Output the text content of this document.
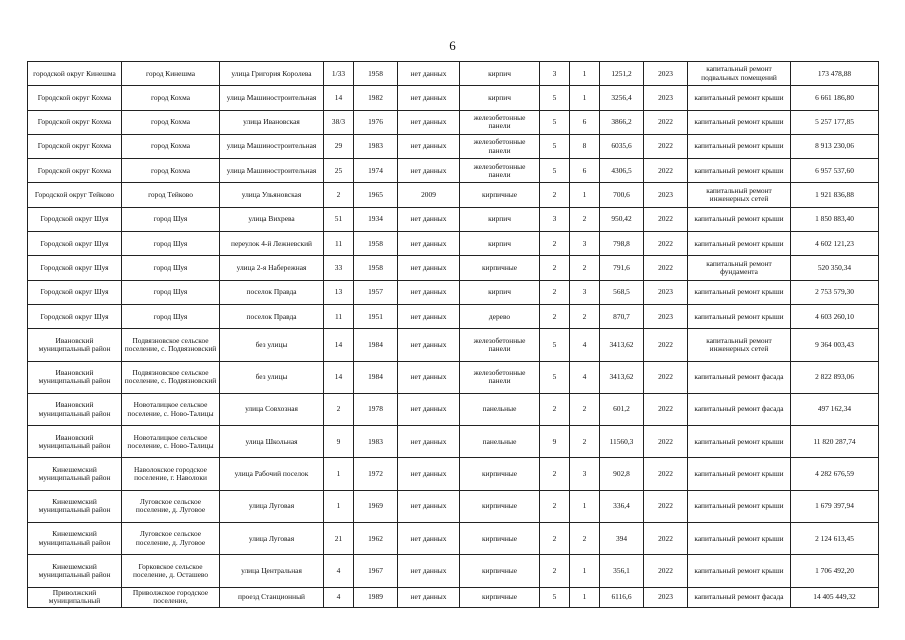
6
городской округ Кинешма	город Кинешма	улица Григория Королева	1/33	1958	нет данных	кирпич	3	1	1251,2	2023	капитальный ремонт подвальных помещений	173 478,88
Городской округ Кохма	город Кохма	улица Машиностроительная	14	1982	нет данных	кирпич	5	1	3256,4	2023	капитальный ремонт крыши	6 661 186,80
Городской округ Кохма	город Кохма	улица Ивановская	38/3	1976	нет данных	железобетонные панели	5	6	3866,2	2022	капитальный ремонт крыши	5 257 177,85
Городской округ Кохма	город Кохма	улица Машиностроительная	29	1983	нет данных	железобетонные панели	5	8	6035,6	2022	капитальный ремонт крыши	8 913 230,06
Городской округ Кохма	город Кохма	улица Машиностроительная	25	1974	нет данных	железобетонные панели	5	6	4306,5	2022	капитальный ремонт крыши	6 957 537,60
Городской округ Тейково	город Тейково	улица Ульяновская	2	1965	2009	кирпичные	2	1	700,6	2023	капитальный ремонт инженерных сетей	1 921 836,88
Городской округ Шуя	город Шуя	улица Вихрева	51	1934	нет данных	кирпич	3	2	950,42	2022	капитальный ремонт крыши	1 850 883,40
Городской округ Шуя	город Шуя	переулок 4-й Лежневский	11	1958	нет данных	кирпич	2	3	798,8	2022	капитальный ремонт крыши	4 602 121,23
Городской округ Шуя	город Шуя	улица 2-я Набережная	33	1958	нет данных	кирпичные	2	2	791,6	2022	капитальный ремонт фундамента	520 350,34
Городской округ Шуя	город Шуя	поселок Правда	13	1957	нет данных	кирпич	2	3	568,5	2023	капитальный ремонт крыши	2 753 579,30
Городской округ Шуя	город Шуя	поселок Правда	11	1951	нет данных	дерево	2	2	870,7	2023	капитальный ремонт крыши	4 603 260,10
Ивановский муниципальный район	Подвязновское сельское поселение, с. Подвязновский	без улицы	14	1984	нет данных	железобетонные панели	5	4	3413,62	2022	капитальный ремонт инженерных сетей	9 364 003,43
Ивановский муниципальный район	Подвязновское сельское поселение, с. Подвязновский	без улицы	14	1984	нет данных	железобетонные панели	5	4	3413,62	2022	капитальный ремонт фасада	2 822 893,06
Ивановский муниципальный район	Новоталицкое сельское поселение, с. Ново-Талицы	улица Совхозная	2	1978	нет данных	панельные	2	2	601,2	2022	капитальный ремонт фасада	497 162,34
Ивановский муниципальный район	Новоталицкое сельское поселение, с. Ново-Талицы	улица Школьная	9	1983	нет данных	панельные	9	2	11560,3	2022	капитальный ремонт крыши	11 820 287,74
Кинешемский муниципальный район	Наволокское городское поселение, г. Наволоки	улица Рабочий поселок	1	1972	нет данных	кирпичные	2	3	902,8	2022	капитальный ремонт крыши	4 282 676,59
Кинешемский муниципальный район	Луговское сельское поселение, д. Луговое	улица Луговая	1	1969	нет данных	кирпичные	2	1	336,4	2022	капитальный ремонт крыши	1 679 397,94
Кинешемский муниципальный район	Луговское сельское поселение, д. Луговое	улица Луговая	21	1962	нет данных	кирпичные	2	2	394	2022	капитальный ремонт крыши	2 124 613,45
Кинешемский муниципальный район	Горковское сельское поселение, д. Осташево	улица Центральная	4	1967	нет данных	кирпичные	2	1	356,1	2022	капитальный ремонт крыши	1 706 492,20
Приволжский муниципальный	Приволжское городское поселение,	проезд Станционный	4	1989	нет данных	кирпичные	5	1	6116,6	2023	капитальный ремонт фасада	14 405 449,32
